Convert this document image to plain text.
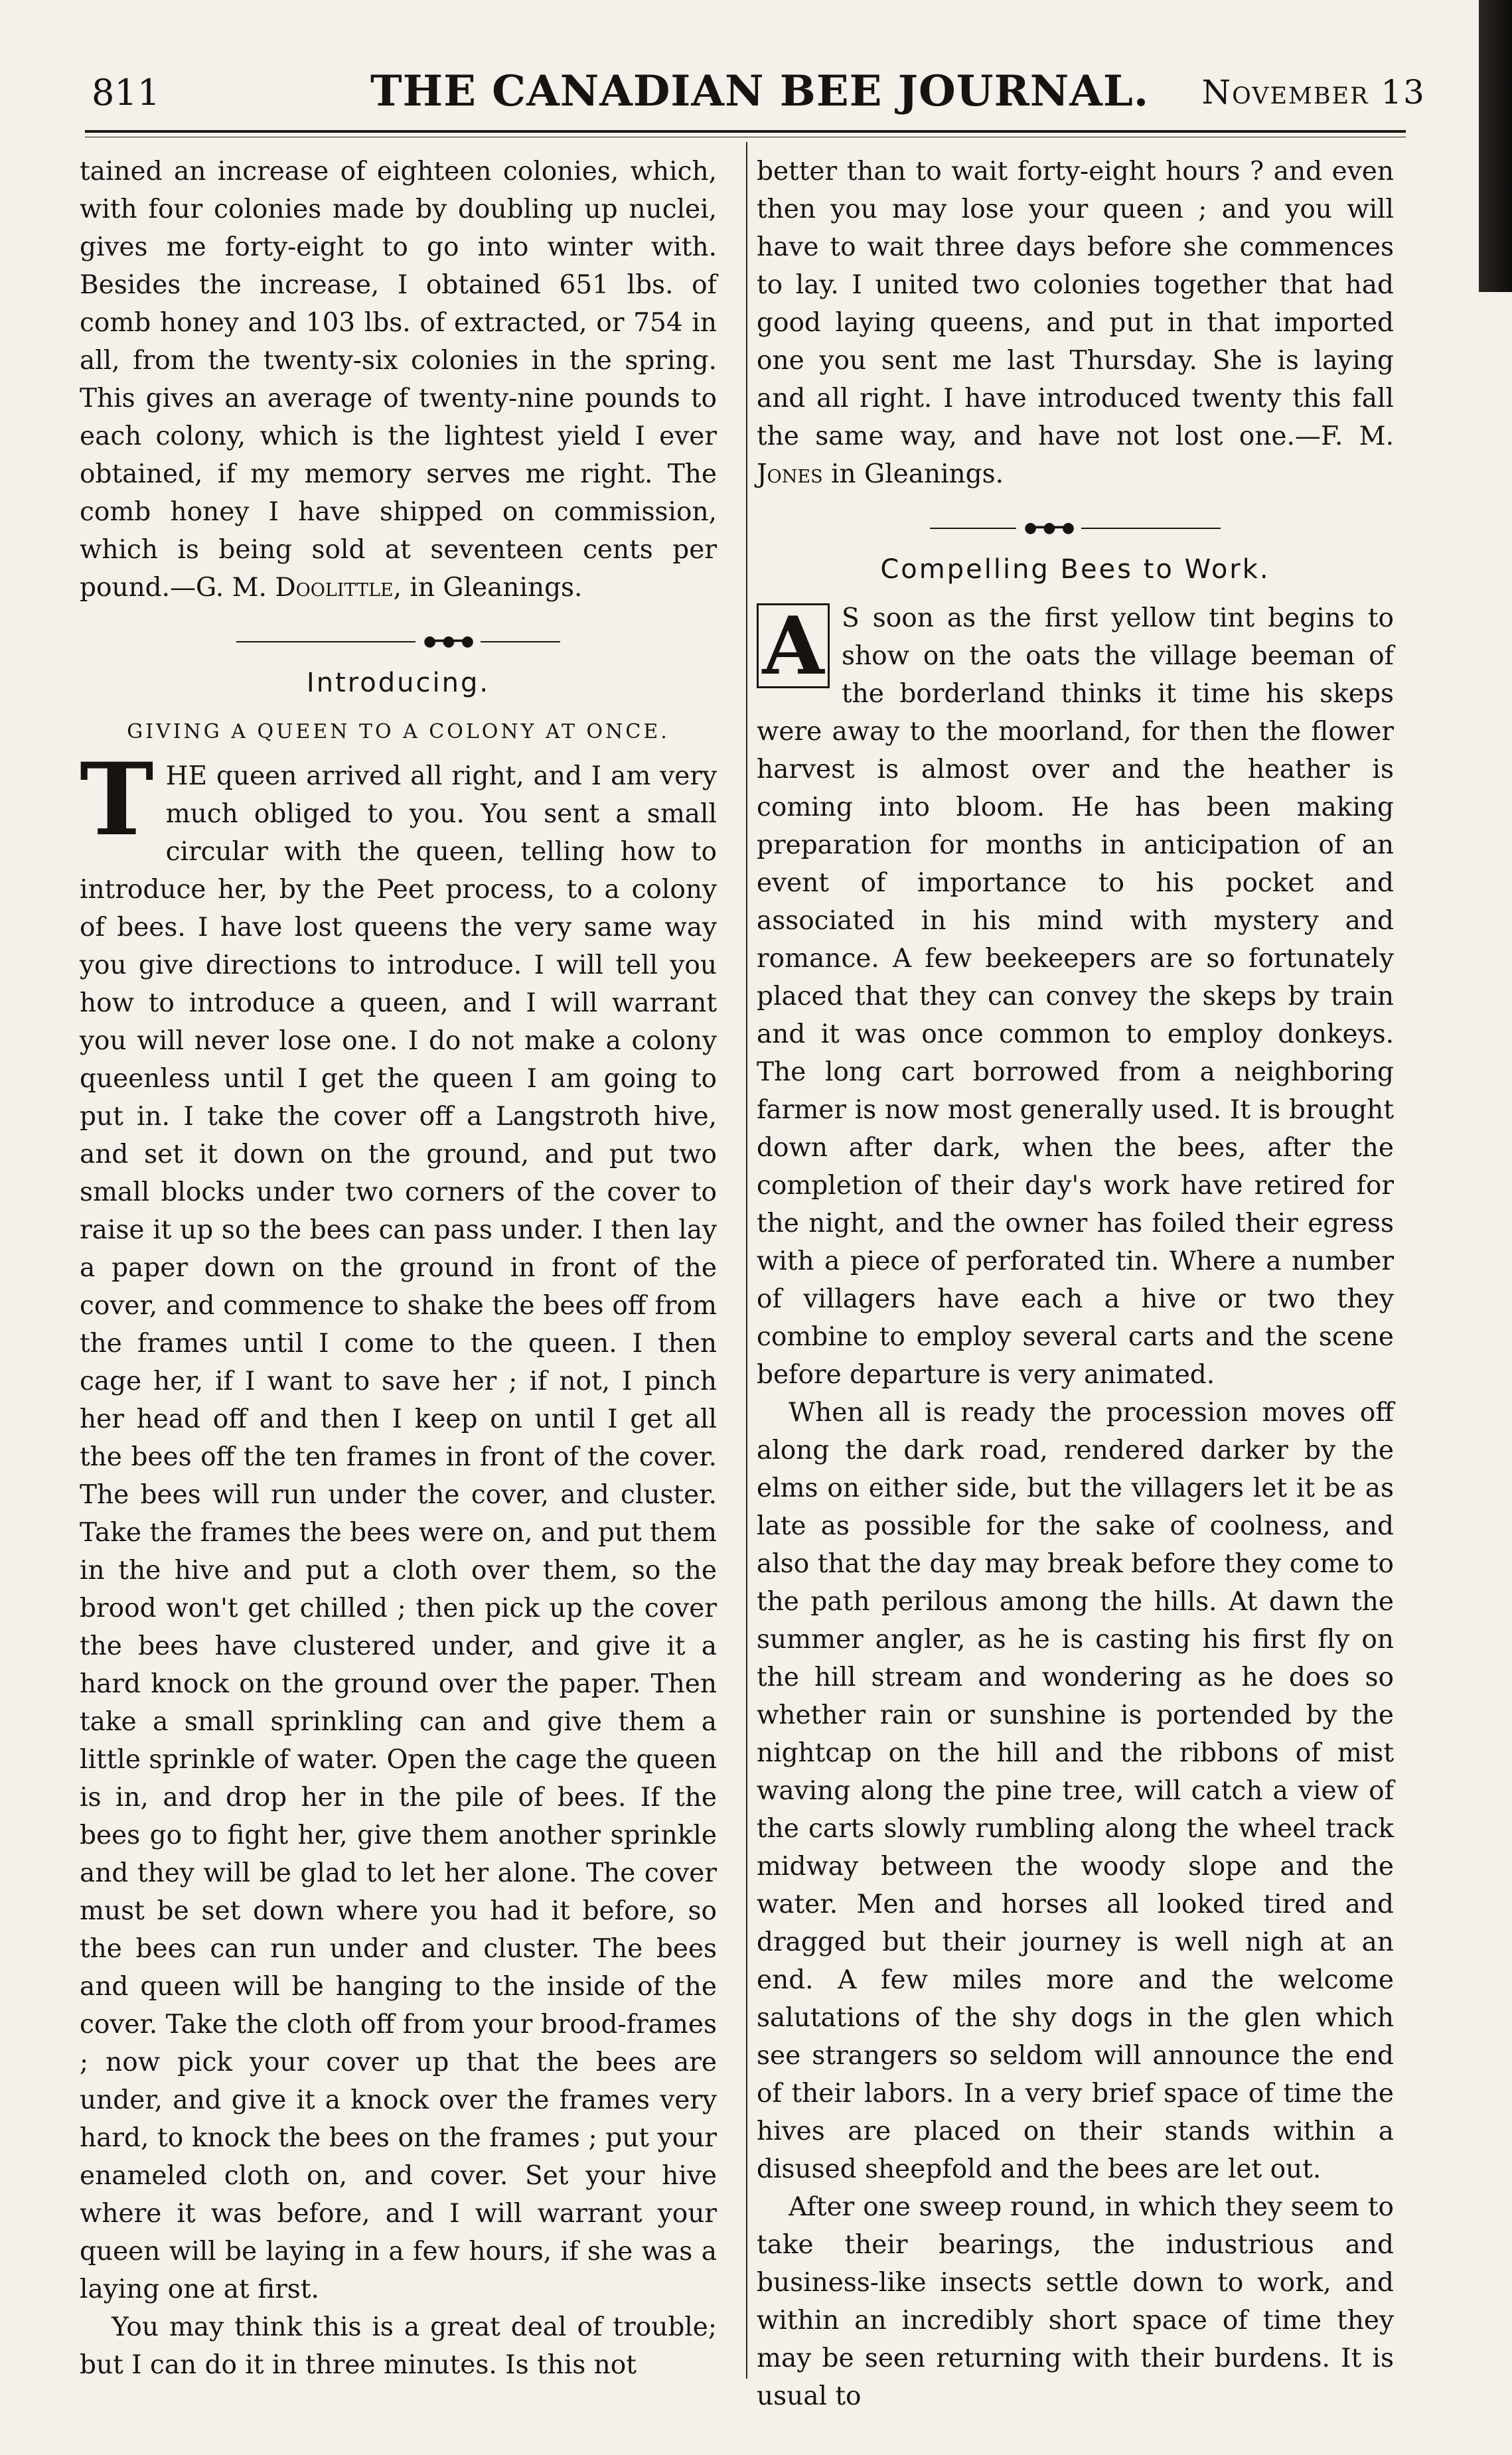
811	THE CANADIAN BEE JOURNAL. November 13

tained an increase of eighteen colonies, which, with four colonies made by doubling up nuclei, gives me forty-eight to go into winter with. Besides the increase, I obtained 651 lbs. of comb honey and 103 lbs. of extracted, or 754 in all, from the twenty-six colonies in the spring. This gives an average of twenty-nine pounds to each colony, which is the lightest yield I ever obtained, if my memory serves me right. The comb honey I have shipped on commission, which is being sold at seventeen cents per pound.—G. M. Doolittle, in Gleanings.

●━●━●
Introducing.
GIVING A QUEEN TO A COLONY AT ONCE.

THE queen arrived all right, and I am very much obliged to you. You sent a small circular with the queen, telling how to introduce her, by the Peet process, to a colony of bees. I have lost queens the very same way you give directions to introduce. I will tell you how to introduce a queen, and I will warrant you will never lose one. I do not make a colony queenless until I get the queen I am going to put in. I take the cover off a Langstroth hive, and set it down on the ground, and put two small blocks under two corners of the cover to raise it up so the bees can pass under. I then lay a paper down on the ground in front of the cover, and commence to shake the bees off from the frames until I come to the queen. I then cage her, if I want to save her ; if not, I pinch her head off and then I keep on until I get all the bees off the ten frames in front of the cover. The bees will run under the cover, and cluster. Take the frames the bees were on, and put them in the hive and put a cloth over them, so the brood won't get chilled ; then pick up the cover the bees have clustered under, and give it a hard knock on the ground over the paper. Then take a small sprinkling can and give them a little sprinkle of water. Open the cage the queen is in, and drop her in the pile of bees. If the bees go to fight her, give them another sprinkle and they will be glad to let her alone. The cover must be set down where you had it before, so the bees can run under and cluster. The bees and queen will be hanging to the inside of the cover. Take the cloth off from your brood-frames ; now pick your cover up that the bees are under, and give it a knock over the frames very hard, to knock the bees on the frames ; put your enameled cloth on, and cover. Set your hive where it was before, and I will warrant your queen will be laying in a few hours, if she was a laying one at first.

You may think this is a great deal of trouble; but I can do it in three minutes. Is this not

better than to wait forty-eight hours ? and even then you may lose your queen ; and you will have to wait three days before she commences to lay. I united two colonies together that had good laying queens, and put in that imported one you sent me last Thursday. She is laying and all right. I have introduced twenty this fall the same way, and have not lost one.—F. M. Jones in Gleanings.

●━●━●
Compelling Bees to Work.

A S soon as the first yellow tint begins to show on the oats the village beeman of the borderland thinks it time his skeps were away to the moorland, for then the flower harvest is almost over and the heather is coming into bloom. He has been making preparation for months in anticipation of an event of importance to his pocket and associated in his mind with mystery and romance. A few beekeepers are so fortunately placed that they can convey the skeps by train and it was once common to employ donkeys. The long cart borrowed from a neighboring farmer is now most generally used. It is brought down after dark, when the bees, after the completion of their day's work have retired for the night, and the owner has foiled their egress with a piece of perforated tin. Where a number of villagers have each a hive or two they combine to employ several carts and the scene before departure is very animated.

When all is ready the procession moves off along the dark road, rendered darker by the elms on either side, but the villagers let it be as late as possible for the sake of coolness, and also that the day may break before they come to the path perilous among the hills. At dawn the summer angler, as he is casting his first fly on the hill stream and wondering as he does so whether rain or sunshine is portended by the nightcap on the hill and the ribbons of mist waving along the pine tree, will catch a view of the carts slowly rumbling along the wheel track midway between the woody slope and the water. Men and horses all looked tired and dragged but their journey is well nigh at an end. A few miles more and the welcome salutations of the shy dogs in the glen which see strangers so seldom will announce the end of their labors. In a very brief space of time the hives are placed on their stands within a disused sheepfold and the bees are let out.

After one sweep round, in which they seem to take their bearings, the industrious and business-like insects settle down to work, and within an incredibly short space of time they may be seen returning with their burdens. It is usual to
